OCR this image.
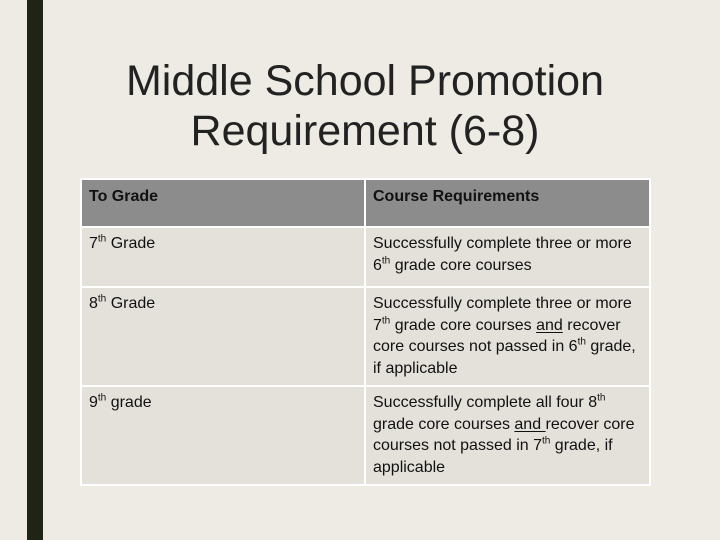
Middle School Promotion
Requirement (6-8)
To Grade	Course Requirements
7th Grade	Successfully complete three or more 6th grade core courses
8th Grade	Successfully complete three or more 7th grade core courses and recover core courses not passed in 6th grade, if applicable
9th grade	Successfully complete all four 8th grade core courses and recover core courses not passed in 7th grade, if applicable
